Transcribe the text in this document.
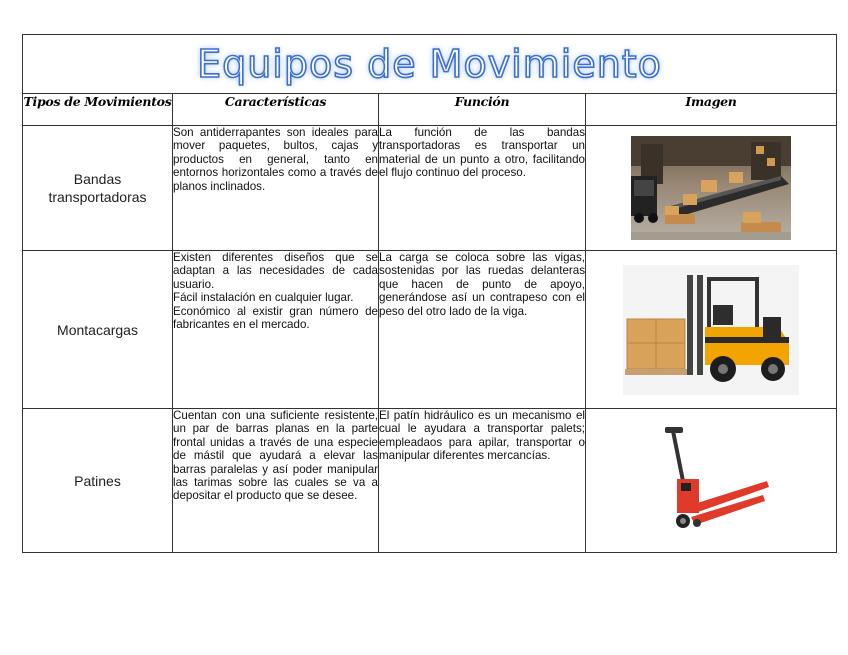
Equipos de Movimiento			
Tipos de Movimientos	Características	Función	Imagen
Bandas transportadoras	Son antiderrapantes son ideales para mover paquetes, bultos, cajas y productos en general, tanto en entornos horizontales como a través de planos inclinados.	La función de las bandas transportadoras es transportar un material de un punto a otro, facilitando el flujo continuo del proceso.

Montacargas	Existen diferentes diseños que se adaptan a las necesidades de cada usuario.
Fácil instalación en cualquier lugar.
Económico al existir gran número de fabricantes en el mercado.	La carga se coloca sobre las vigas, sostenidas por las ruedas delanteras que hacen de punto de apoyo, generándose así un contrapeso con el peso del otro lado de la viga.

Patines	Cuentan con una suficiente resistente, un par de barras planas en la parte frontal unidas a través de una especie de mástil que ayudará a elevar las barras paralelas y así poder manipular las tarimas sobre las cuales se va a depositar el producto que se desee.	El patín hidráulico es un mecanismo el cual le ayudara a transportar palets; empleadaos para apilar, transportar o manipular diferentes mercancías.
